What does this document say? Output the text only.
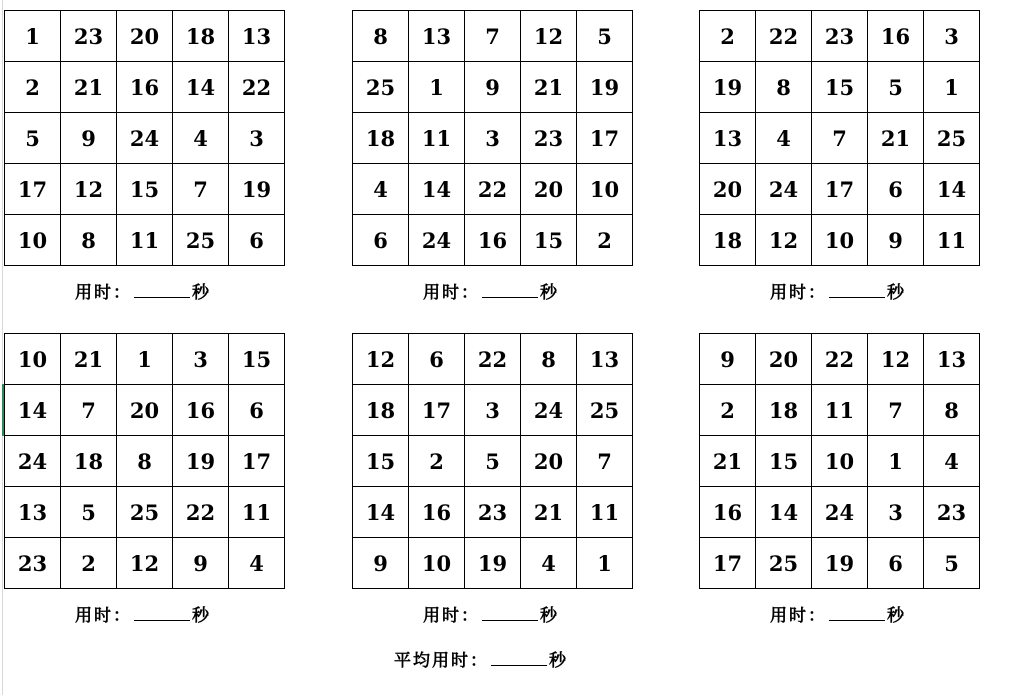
1	23	20	18	13
2	21	16	14	22
5	9	24	4	3
17	12	15	7	19
10	8	11	25	6
用时：	秒
8	13	7	12	5
25	1	9	21	19
18	11	3	23	17
4	14	22	20	10
6	24	16	15	2
用时：	秒
2	22	23	16	3
19	8	15	5	1
13	4	7	21	25
20	24	17	6	14
18	12	10	9	11
用时：	秒
10	21	1	3	15
14	7	20	16	6
24	18	8	19	17
13	5	25	22	11
23	2	12	9	4
用时：	秒
12	6	22	8	13
18	17	3	24	25
15	2	5	20	7
14	16	23	21	11
9	10	19	4	1
用时：	秒
9	20	22	12	13
2	18	11	7	8
21	15	10	1	4
16	14	24	3	23
17	25	19	6	5
用时：	秒
平均用时：	秒
